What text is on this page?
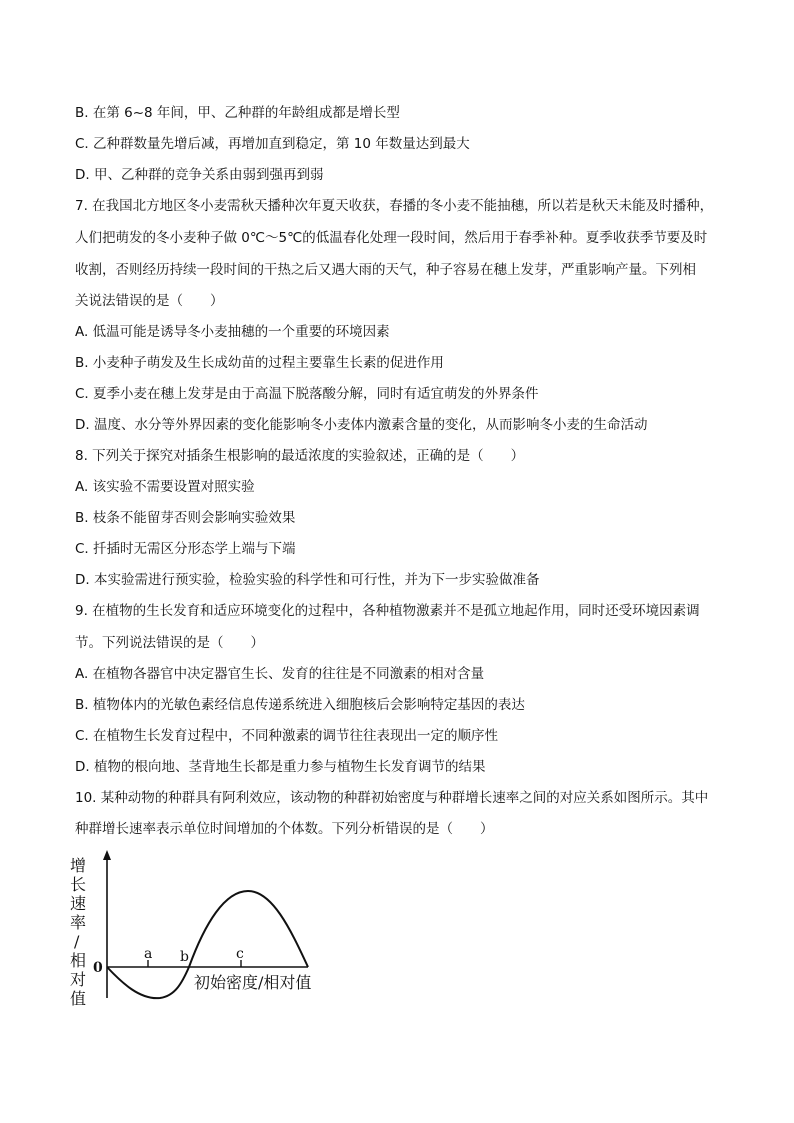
B. 在第 6~8 年间，甲、乙种群的年龄组成都是增长型
C. 乙种群数量先增后减，再增加直到稳定，第 10 年数量达到最大
D. 甲、乙种群的竞争关系由弱到强再到弱
7. 在我国北方地区冬小麦需秋天播种次年夏天收获，春播的冬小麦不能抽穗，所以若是秋天未能及时播种，
人们把萌发的冬小麦种子做 0℃～5℃的低温春化处理一段时间，然后用于春季补种。夏季收获季节要及时
收割，否则经历持续一段时间的干热之后又遇大雨的天气，种子容易在穗上发芽，严重影响产量。下列相
关说法错误的是（　　）
A. 低温可能是诱导冬小麦抽穗的一个重要的环境因素
B. 小麦种子萌发及生长成幼苗的过程主要靠生长素的促进作用
C. 夏季小麦在穗上发芽是由于高温下脱落酸分解，同时有适宜萌发的外界条件
D. 温度、水分等外界因素的变化能影响冬小麦体内激素含量的变化，从而影响冬小麦的生命活动
8. 下列关于探究对插条生根影响的最适浓度的实验叙述，正确的是（　　）
A. 该实验不需要设置对照实验
B. 枝条不能留芽否则会影响实验效果
C. 扦插时无需区分形态学上端与下端
D. 本实验需进行预实验，检验实验的科学性和可行性，并为下一步实验做准备
9. 在植物的生长发育和适应环境变化的过程中，各种植物激素并不是孤立地起作用，同时还受环境因素调
节。下列说法错误的是（　　）
A. 在植物各器官中决定器官生长、发育的往往是不同激素的相对含量
B. 植物体内的光敏色素经信息传递系统进入细胞核后会影响特定基因的表达
C. 在植物生长发育过程中，不同种激素的调节往往表现出一定的顺序性
D. 植物的根向地、茎背地生长都是重力参与植物生长发育调节的结果
10. 某种动物的种群具有阿利效应，该动物的种群初始密度与种群增长速率之间的对应关系如图所示。其中
种群增长速率表示单位时间增加的个体数。下列分析错误的是（　　）
增
长
速
率
/
相
对
值
0
a b	c
初始密度/相对值
